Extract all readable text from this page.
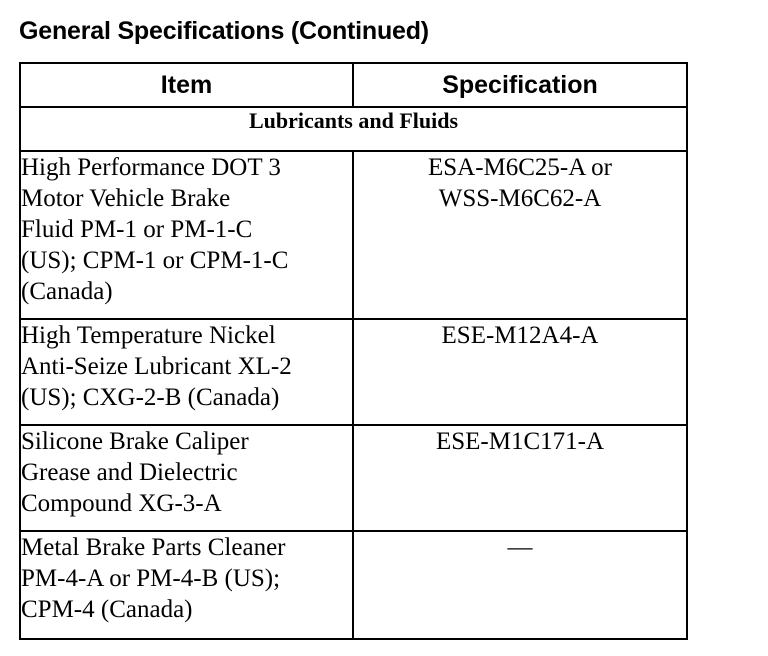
General Specifications (Continued)
Item	Specification
Lubricants and Fluids	

High Performance DOT 3
Motor Vehicle Brake
Fluid PM-1 or PM-1-C
(US); CPM-1 or CPM-1-C
(Canada)	ESA-M6C25-A or
WSS-M6C62-A

High Temperature Nickel
Anti-Seize Lubricant XL-2
(US); CXG-2-B (Canada)	ESE-M12A4-A

Silicone Brake Caliper
Grease and Dielectric
Compound XG-3-A	ESE-M1C171-A

Metal Brake Parts Cleaner
PM-4-A or PM-4-B (US);
CPM-4 (Canada)	—
